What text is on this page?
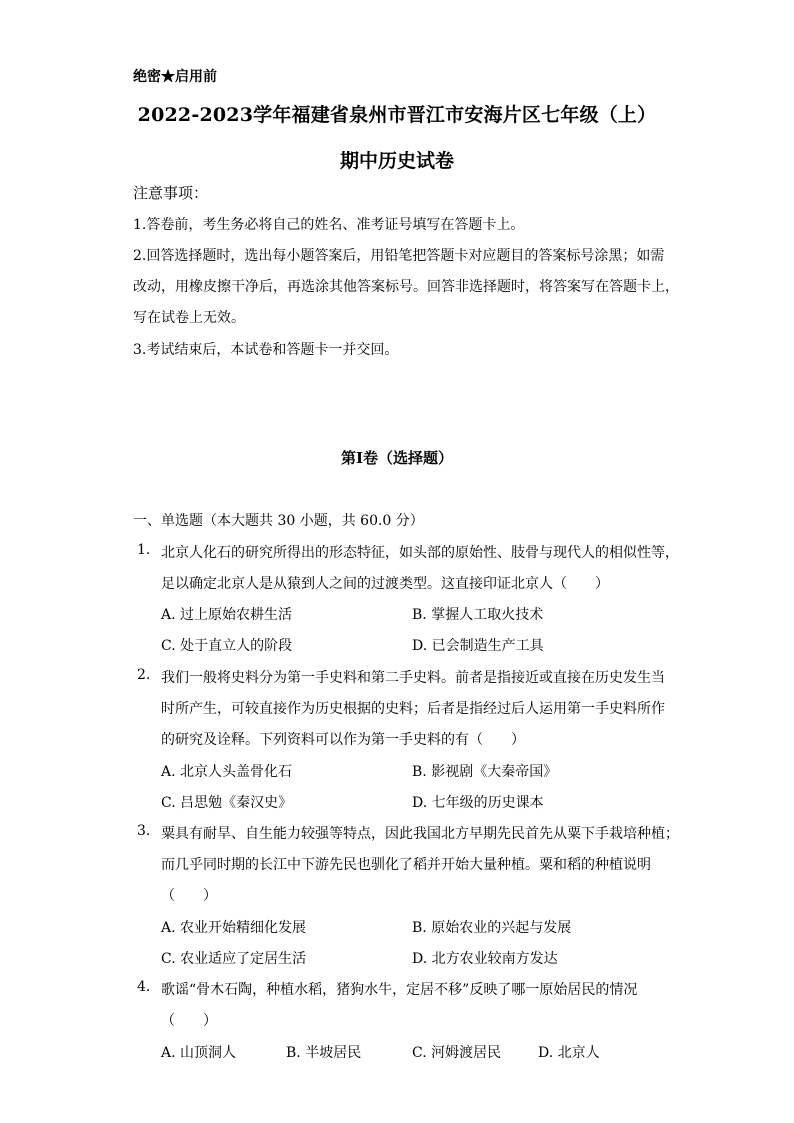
绝密★启用前
2022-2023学年福建省泉州市晋江市安海片区七年级（上）
期中历史试卷
注意事项：
1.答卷前，考生务必将自己的姓名、准考证号填写在答题卡上。
2.回答选择题时，选出每小题答案后，用铅笔把答题卡对应题目的答案标号涂黑；如需
改动，用橡皮擦干净后，再选涂其他答案标号。回答非选择题时，将答案写在答题卡上，
写在试卷上无效。
3.考试结束后，本试卷和答题卡一并交回。
第Ⅰ卷（选择题）
一、单选题（本大题共 30 小题，共 60.0 分）
1. 北京人化石的研究所得出的形态特征，如头部的原始性、肢骨与现代人的相似性等，
足以确定北京人是从猿到人之间的过渡类型。这直接印证北京人（　　）
A. 过上原始农耕生活	B. 掌握人工取火技术
C. 处于直立人的阶段	D. 已会制造生产工具
2. 我们一般将史料分为第一手史料和第二手史料。前者是指接近或直接在历史发生当
时所产生，可较直接作为历史根据的史料；后者是指经过后人运用第一手史料所作
的研究及诠释。下列资料可以作为第一手史料的有（　　）
A. 北京人头盖骨化石	B. 影视剧《大秦帝国》
C. 吕思勉《秦汉史》	D. 七年级的历史课本
3. 粟具有耐旱、自生能力较强等特点，因此我国北方早期先民首先从粟下手栽培种植；
而几乎同时期的长江中下游先民也驯化了稻并开始大量种植。粟和稻的种植说明
（　　）
A. 农业开始精细化发展	B. 原始农业的兴起与发展
C. 农业适应了定居生活	D. 北方农业较南方发达
4. 歌谣“骨木石陶，种植水稻，猪狗水牛，定居不移”反映了哪一原始居民的情况
（　　）
A. 山顶洞人	B. 半坡居民	C. 河姆渡居民	D. 北京人
